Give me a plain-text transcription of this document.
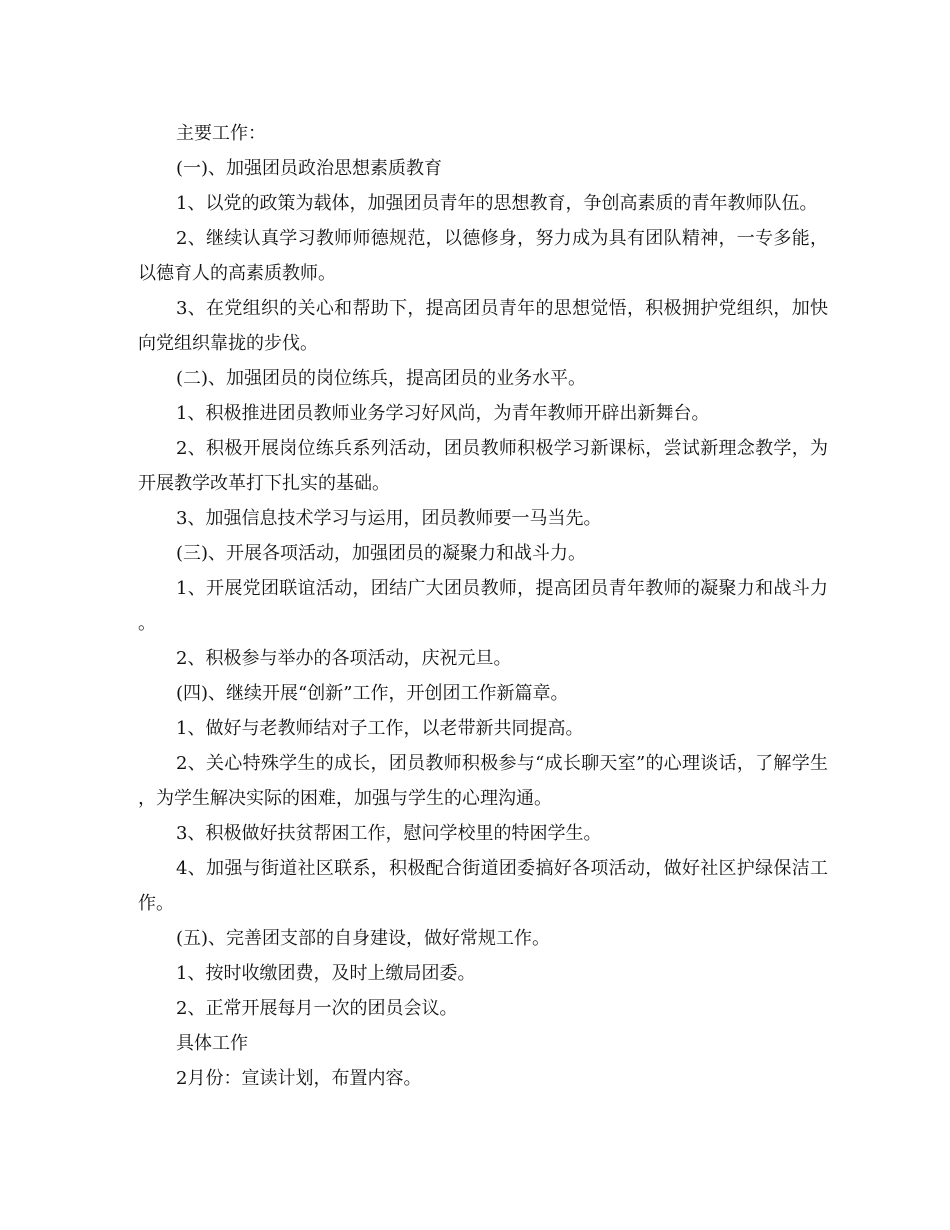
主要工作：

(一)、加强团员政治思想素质教育

1、以党的政策为载体，加强团员青年的思想教育，争创高素质的青年教师队伍。

2、继续认真学习教师师德规范，以德修身，努力成为具有团队精神，一专多能，以德育人的高素质教师。

3、在党组织的关心和帮助下，提高团员青年的思想觉悟，积极拥护党组织，加快向党组织靠拢的步伐。

(二)、加强团员的岗位练兵，提高团员的业务水平。

1、积极推进团员教师业务学习好风尚，为青年教师开辟出新舞台。

2、积极开展岗位练兵系列活动，团员教师积极学习新课标，尝试新理念教学，为开展教学改革打下扎实的基础。

3、加强信息技术学习与运用，团员教师要一马当先。

(三)、开展各项活动，加强团员的凝聚力和战斗力。

1、开展党团联谊活动，团结广大团员教师，提高团员青年教师的凝聚力和战斗力。

2、积极参与举办的各项活动，庆祝元旦。

(四)、继续开展“创新”工作，开创团工作新篇章。

1、做好与老教师结对子工作，以老带新共同提高。

2、关心特殊学生的成长，团员教师积极参与“成长聊天室”的心理谈话，了解学生，为学生解决实际的困难，加强与学生的心理沟通。

3、积极做好扶贫帮困工作，慰问学校里的特困学生。

4、加强与街道社区联系，积极配合街道团委搞好各项活动，做好社区护绿保洁工作。

(五)、完善团支部的自身建设，做好常规工作。

1、按时收缴团费，及时上缴局团委。

2、正常开展每月一次的团员会议。

具体工作

2月份：宣读计划，布置内容。
